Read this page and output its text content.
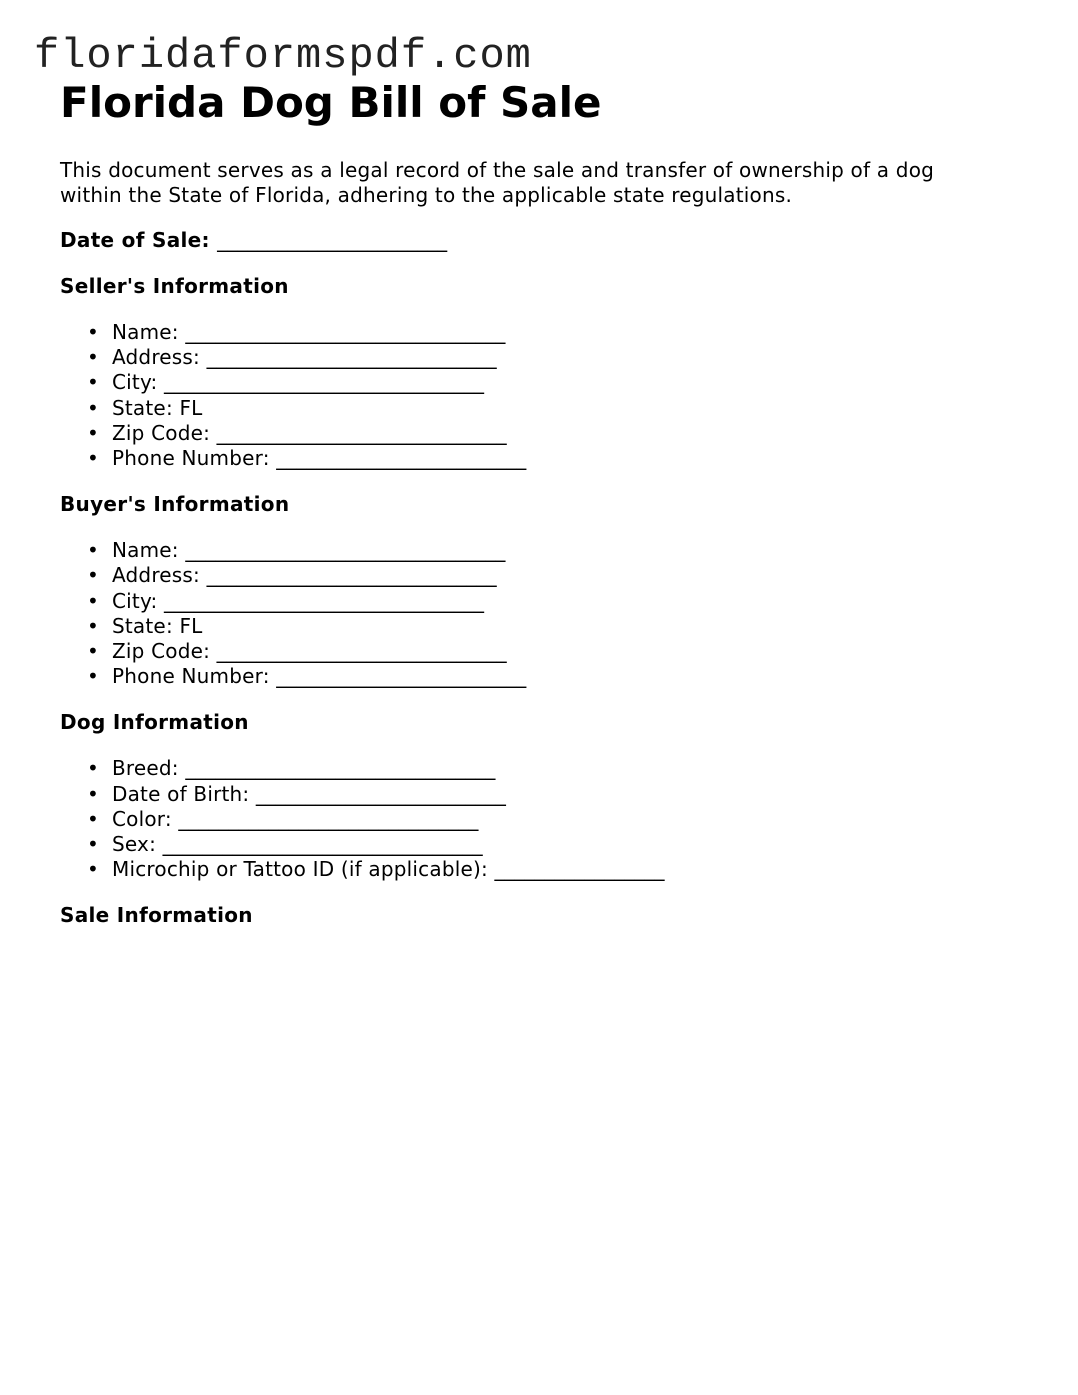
floridaformspdf.com
Florida Dog Bill of Sale

This document serves as a legal record of the sale and transfer of ownership of a dog within the State of Florida, adhering to the applicable state regulations.

Date of Sale: _______________________

Seller's Information
• Name: ________________________________
• Address: _____________________________
• City: ________________________________
• State: FL
• Zip Code: _____________________________
• Phone Number: _________________________
Buyer's Information
• Name: ________________________________
• Address: _____________________________
• City: ________________________________
• State: FL
• Zip Code: _____________________________
• Phone Number: _________________________
Dog Information
• Breed: _______________________________
• Date of Birth: _________________________
• Color: ______________________________
• Sex: ________________________________
• Microchip or Tattoo ID (if applicable): _________________
Sale Information
